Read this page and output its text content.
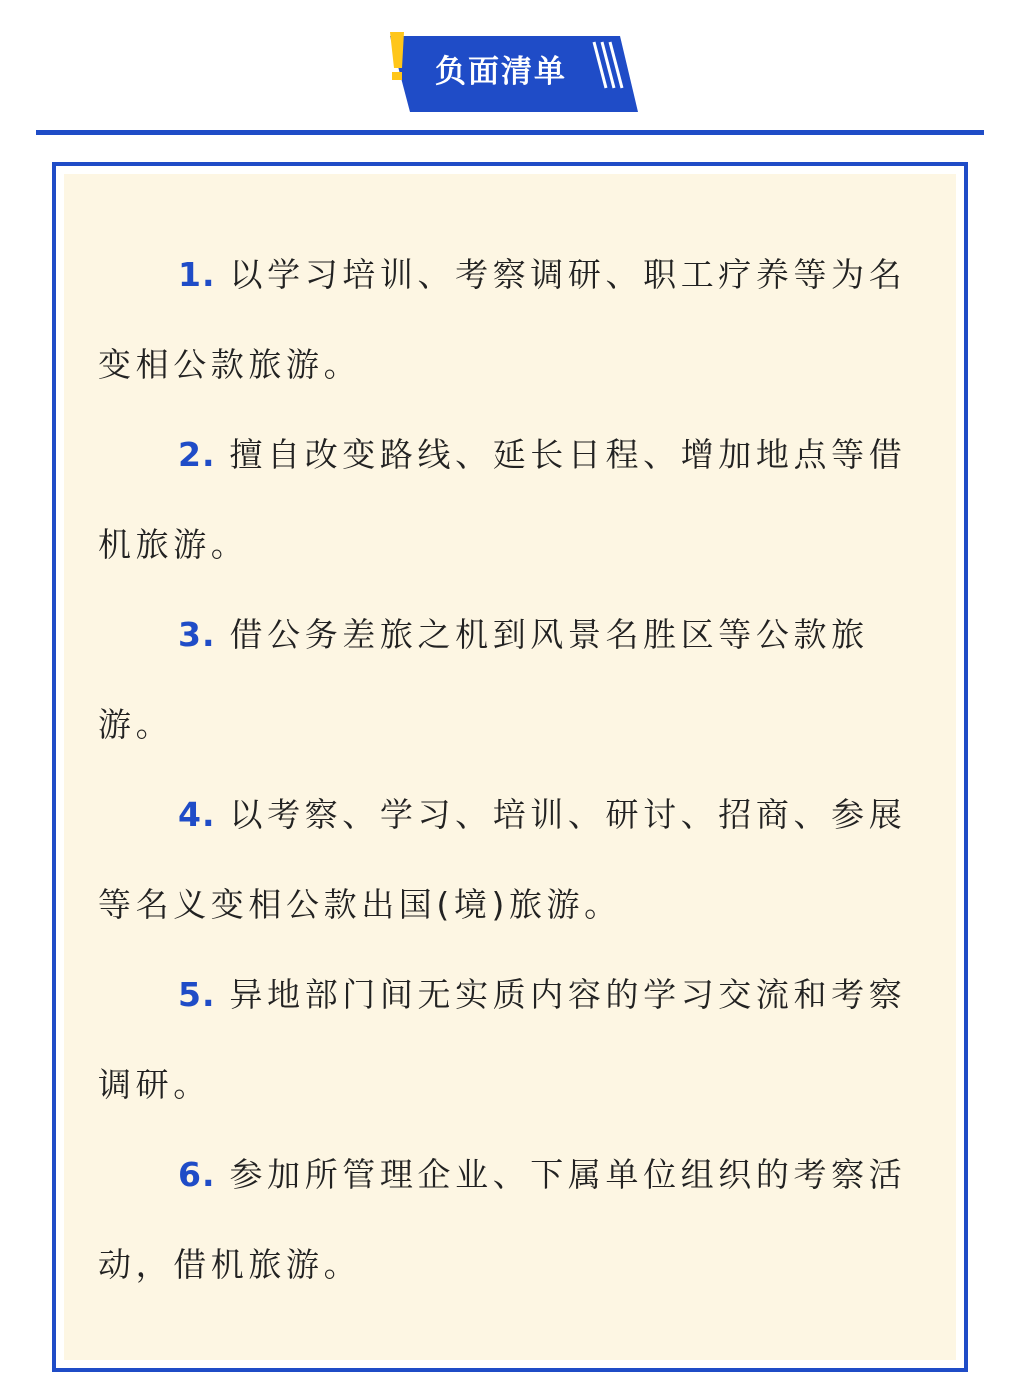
负面清单

1. 以学习培训、考察调研、职工疗养等为名变相公款旅游。

2. 擅自改变路线、延长日程、增加地点等借机旅游。

3. 借公务差旅之机到风景名胜区等公款旅游。

4. 以考察、学习、培训、研讨、招商、参展等名义变相公款出国(境)旅游。

5. 异地部门间无实质内容的学习交流和考察调研。

6. 参加所管理企业、下属单位组织的考察活动，借机旅游。
